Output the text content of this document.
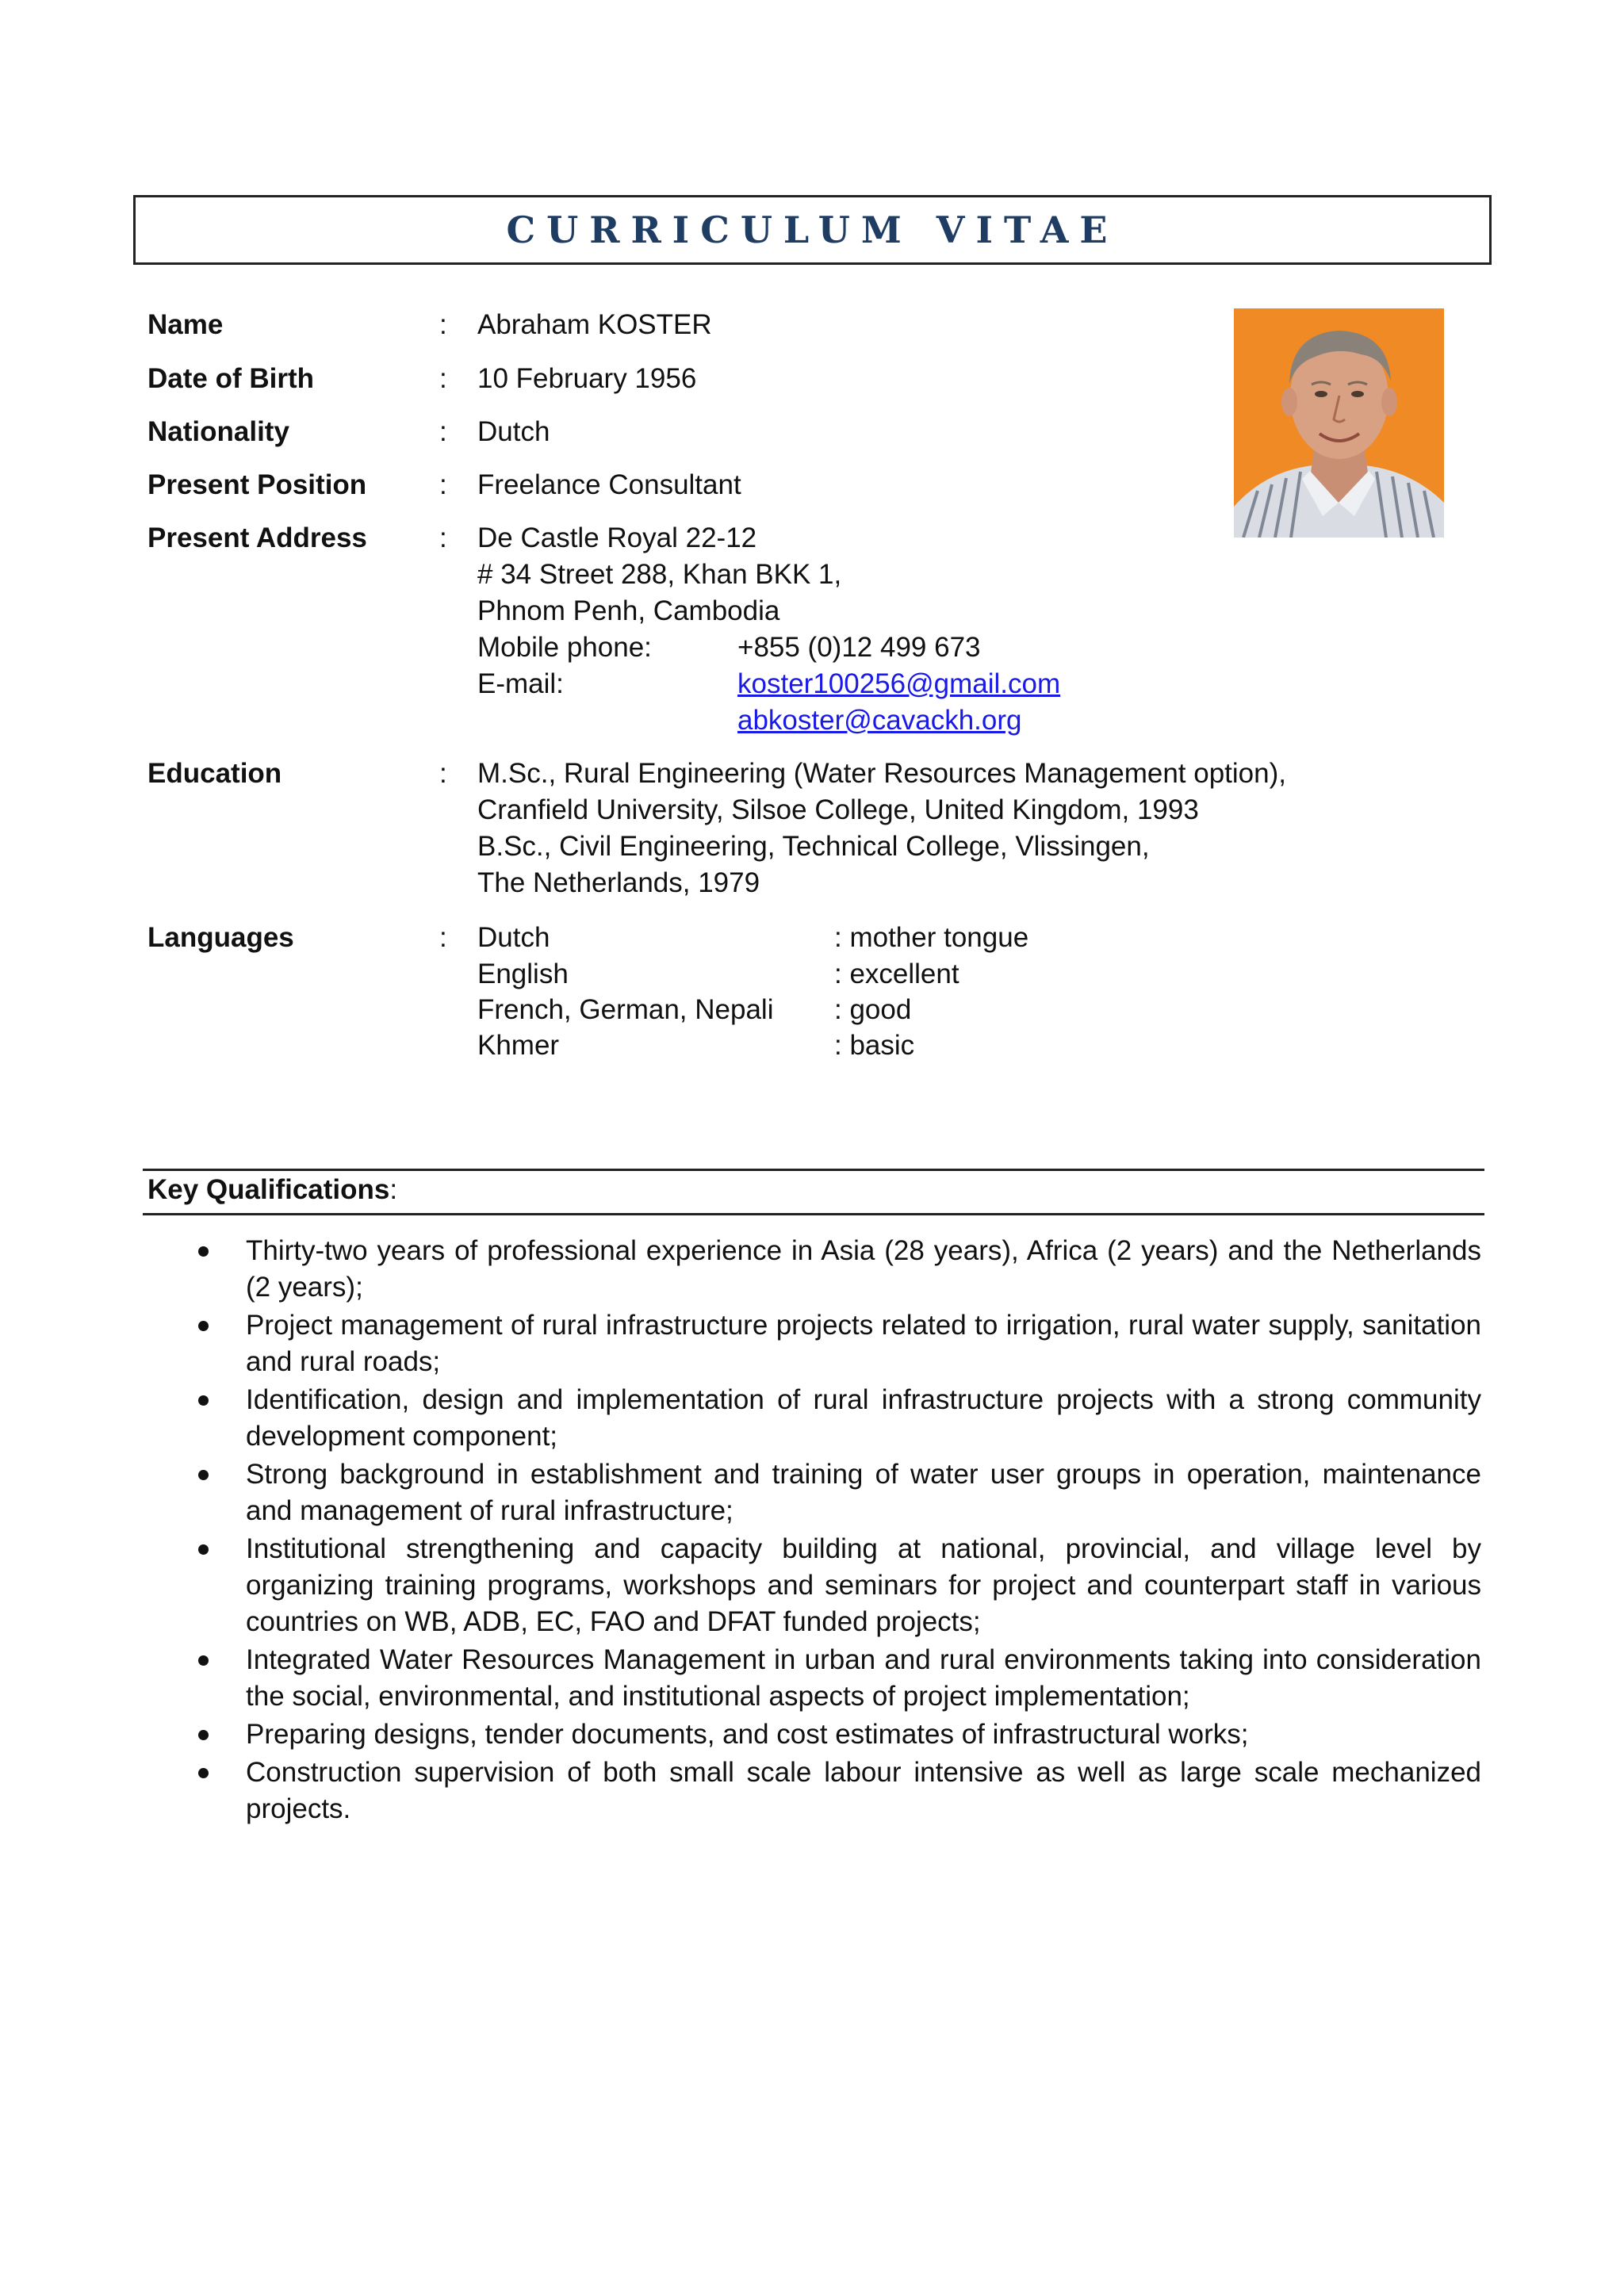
CURRICULUM VITAE
Name	: Abraham KOSTER
Date of Birth	: 10 February 1956
Nationality	: Dutch
Present Position	: Freelance Consultant
Present Address	: De Castle Royal 22-12
# 34 Street 288, Khan BKK 1,
Phnom Penh, Cambodia
Mobile phone:	+855 (0)12 499 673
E-mail:	koster100256@gmail.com
abkoster@cavackh.org
Education	: M.Sc., Rural Engineering (Water Resources Management option),
Cranfield University, Silsoe College, United Kingdom, 1993
B.Sc., Civil Engineering, Technical College, Vlissingen,
The Netherlands, 1979
Languages	: Dutch	: mother tongue
English	: excellent
French, German, Nepali : good
Khmer	: basic
Key Qualifications:
Thirty-two years of professional experience in Asia (28 years), Africa (2 years) and the Netherlands (2 years);
Project management of rural infrastructure projects related to irrigation, rural water supply, sanitation and rural roads;
Identification, design and implementation of rural infrastructure projects with a strong community development component;
Strong background in establishment and training of water user groups in operation, maintenance and management of rural infrastructure;
Institutional strengthening and capacity building at national, provincial, and village level by organizing training programs, workshops and seminars for project and counterpart staff in various countries on WB, ADB, EC, FAO and DFAT funded projects;
Integrated Water Resources Management in urban and rural environments taking into consideration the social, environmental, and institutional aspects of project implementation;
Preparing designs, tender documents, and cost estimates of infrastructural works;
Construction supervision of both small scale labour intensive as well as large scale mechanized projects.
